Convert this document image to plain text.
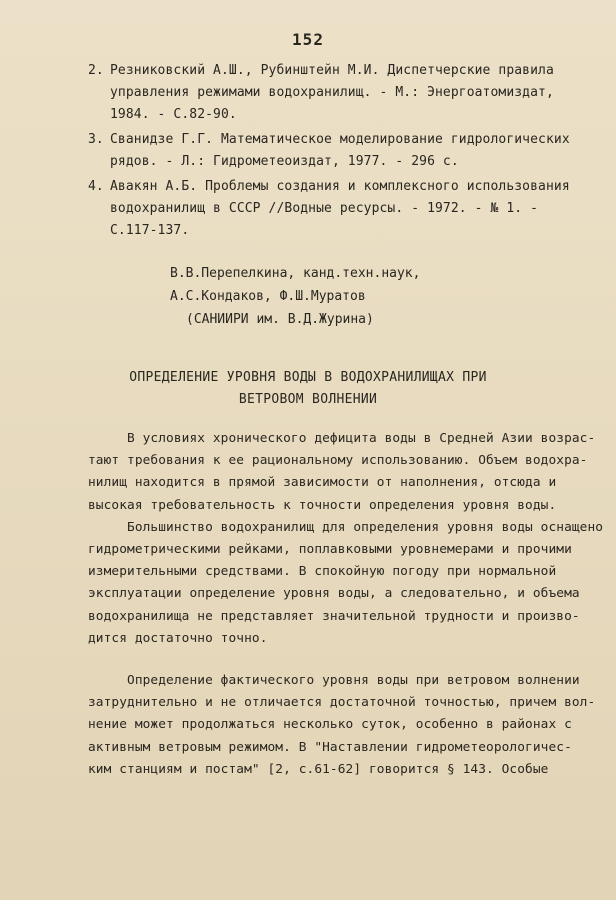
152
2. Резниковский А.Ш., Рубинштейн М.И. Диспетчерские правила
управления режимами водохранилищ. - М.: Энергоатомиздат,
1984. - С.82-90.
3. Сванидзе Г.Г. Математическое моделирование гидрологических
рядов. - Л.: Гидрометеоиздат, 1977. - 296 с.
4. Авакян А.Б. Проблемы создания и комплексного использования
водохранилищ в СССР //Водные ресурсы. - 1972. - № 1. -
С.117-137.
В.В.Перепелкина, канд.техн.наук,
А.С.Кондаков, Ф.Ш.Муратов
(САНИИРИ им. В.Д.Журина)
ОПРЕДЕЛЕНИЕ УРОВНЯ ВОДЫ В ВОДОХРАНИЛИЩАХ ПРИ
ВЕТРОВОМ ВОЛНЕНИИ
В условиях хронического дефицита воды в Средней Азии возрас-
тают требования к ее рациональному использованию. Объем водохра-
нилищ находится в прямой зависимости от наполнения, отсюда и
высокая требовательность к точности определения уровня воды.
Большинство водохранилищ для определения уровня воды оснащено
гидрометрическими рейками, поплавковыми уровнемерами и прочими
измерительными средствами. В спокойную погоду при нормальной
эксплуатации определение уровня воды, а следовательно, и объема
водохранилища не представляет значительной трудности и произво-
дится достаточно точно.
Определение фактического уровня воды при ветровом волнении
затруднительно и не отличается достаточной точностью, причем вол-
нение может продолжаться несколько суток, особенно в районах с
активным ветровым режимом. В "Наставлении гидрометеорологичес-
ким станциям и постам" [2, с.61-62] говорится § 143. Особые
